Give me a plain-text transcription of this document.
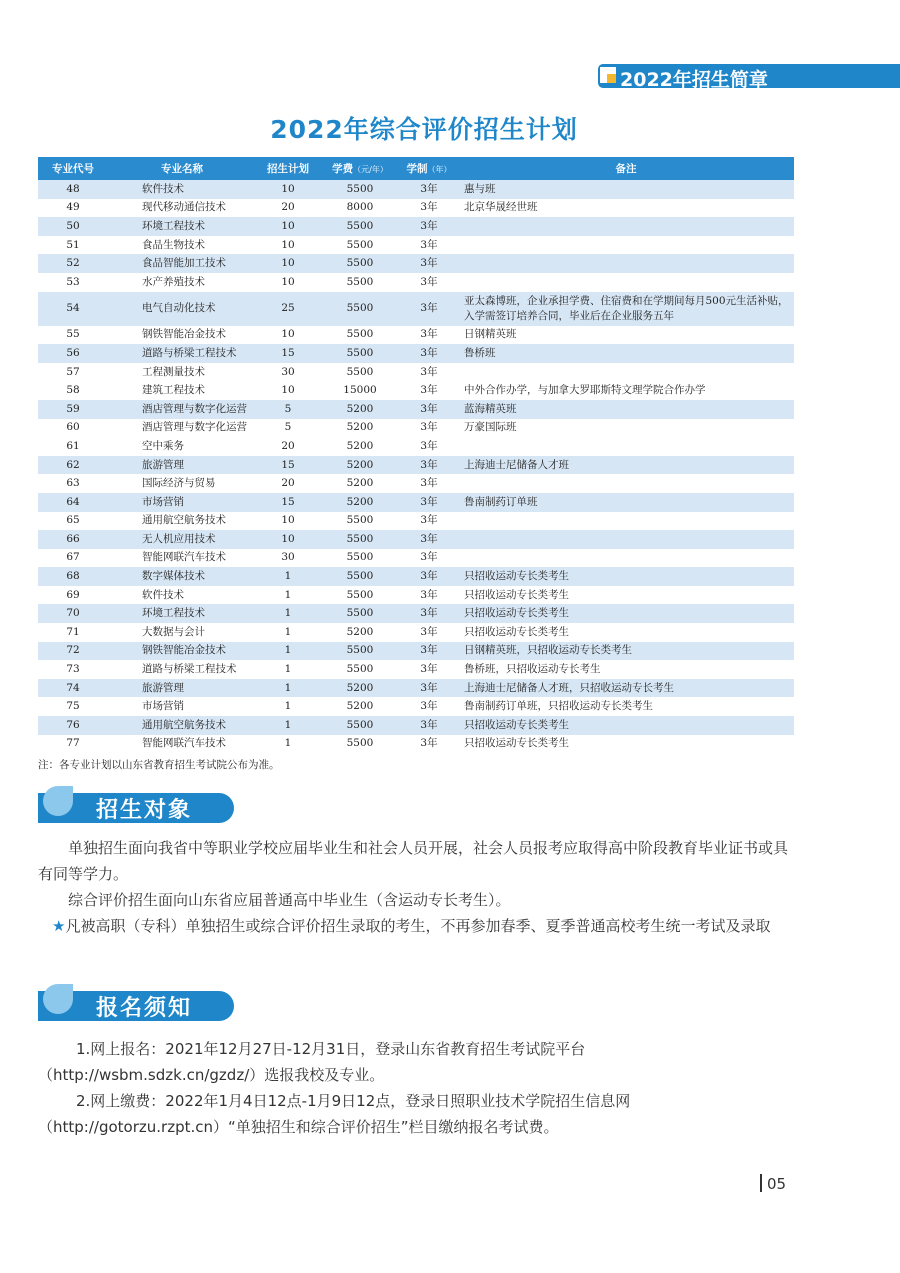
2022年招生简章
2022年综合评价招生计划
专业代号	专业名称	招生计划	学费（元/年）	学制（年）	备注
48	软件技术	10	5500	3年	惠与班
49	现代移动通信技术	20	8000	3年	北京华晟经世班
50	环境工程技术	10	5500	3年	
51	食品生物技术	10	5500	3年	
52	食品智能加工技术	10	5500	3年	
53	水产养殖技术	10	5500	3年	
54	电气自动化技术	25	5500	3年	亚太森博班，企业承担学费、住宿费和在学期间每月500元生活补贴，入学需签订培养合同，毕业后在企业服务五年
55	钢铁智能冶金技术	10	5500	3年	日钢精英班
56	道路与桥梁工程技术	15	5500	3年	鲁桥班
57	工程测量技术	30	5500	3年	
58	建筑工程技术	10	15000	3年	中外合作办学，与加拿大罗耶斯特文理学院合作办学
59	酒店管理与数字化运营	5	5200	3年	蓝海精英班
60	酒店管理与数字化运营	5	5200	3年	万豪国际班
61	空中乘务	20	5200	3年	
62	旅游管理	15	5200	3年	上海迪士尼储备人才班
63	国际经济与贸易	20	5200	3年	
64	市场营销	15	5200	3年	鲁南制药订单班
65	通用航空航务技术	10	5500	3年	
66	无人机应用技术	10	5500	3年	
67	智能网联汽车技术	30	5500	3年	
68	数字媒体技术	1	5500	3年	只招收运动专长类考生
69	软件技术	1	5500	3年	只招收运动专长类考生
70	环境工程技术	1	5500	3年	只招收运动专长类考生
71	大数据与会计	1	5200	3年	只招收运动专长类考生
72	钢铁智能冶金技术	1	5500	3年	日钢精英班，只招收运动专长类考生
73	道路与桥梁工程技术	1	5500	3年	鲁桥班，只招收运动专长考生
74	旅游管理	1	5200	3年	上海迪士尼储备人才班，只招收运动专长考生
75	市场营销	1	5200	3年	鲁南制药订单班，只招收运动专长类考生
76	通用航空航务技术	1	5500	3年	只招收运动专长类考生
77	智能网联汽车技术	1	5500	3年	只招收运动专长类考生
注：各专业计划以山东省教育招生考试院公布为准。
招生对象
单独招生面向我省中等职业学校应届毕业生和社会人员开展，社会人员报考应取得高中阶段教育毕业证书或具有同等学力。
综合评价招生面向山东省应届普通高中毕业生（含运动专长考生）。
★凡被高职（专科）单独招生或综合评价招生录取的考生，不再参加春季、夏季普通高校考生统一考试及录取
报名须知
1.网上报名：2021年12月27日-12月31日，登录山东省教育招生考试院平台（http://wsbm.sdzk.cn/gzdz/）选报我校及专业。
2.网上缴费：2022年1月4日12点-1月9日12点，登录日照职业技术学院招生信息网（http://gotorzu.rzpt.cn）“单独招生和综合评价招生”栏目缴纳报名考试费。
05
